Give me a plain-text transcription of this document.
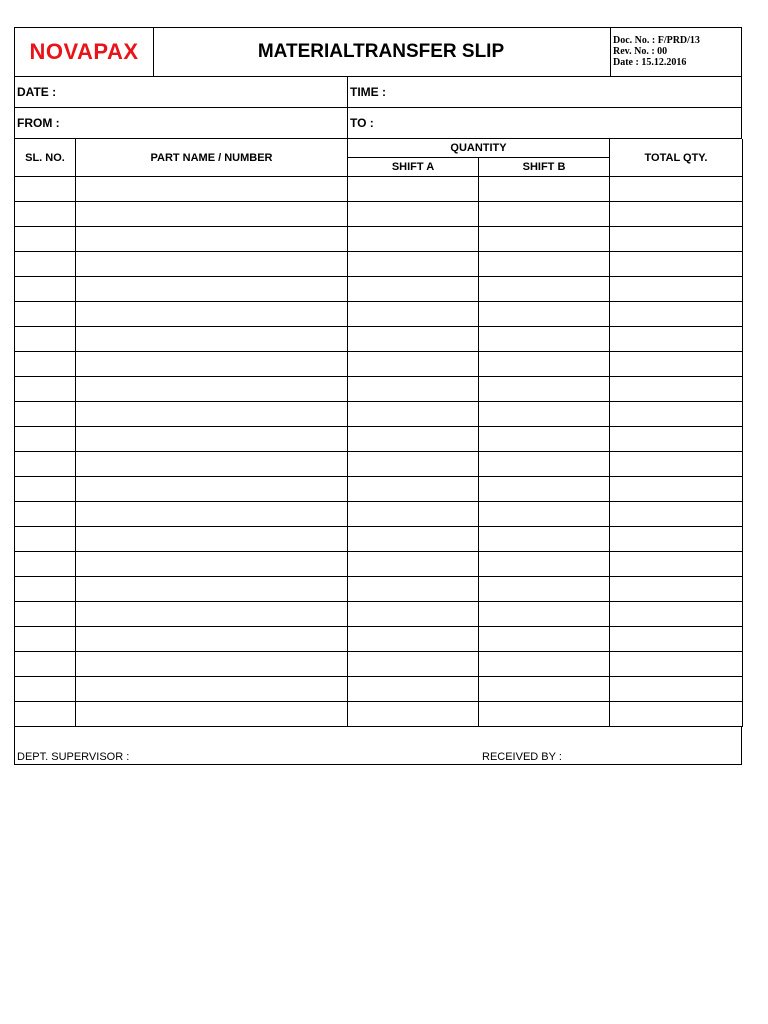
NOVAPAX	MATERIALTRANSFER SLIP
Doc. No. : F/PRD/13
Rev. No. : 00
Date : 15.12.2016
DATE :	TIME :
FROM :	TO :
SL. NO.	PART NAME / NUMBER	QUANTITY		TOTAL QTY.
		SHIFT A	SHIFT B	

DEPT. SUPERVISOR :	RECEIVED BY :
